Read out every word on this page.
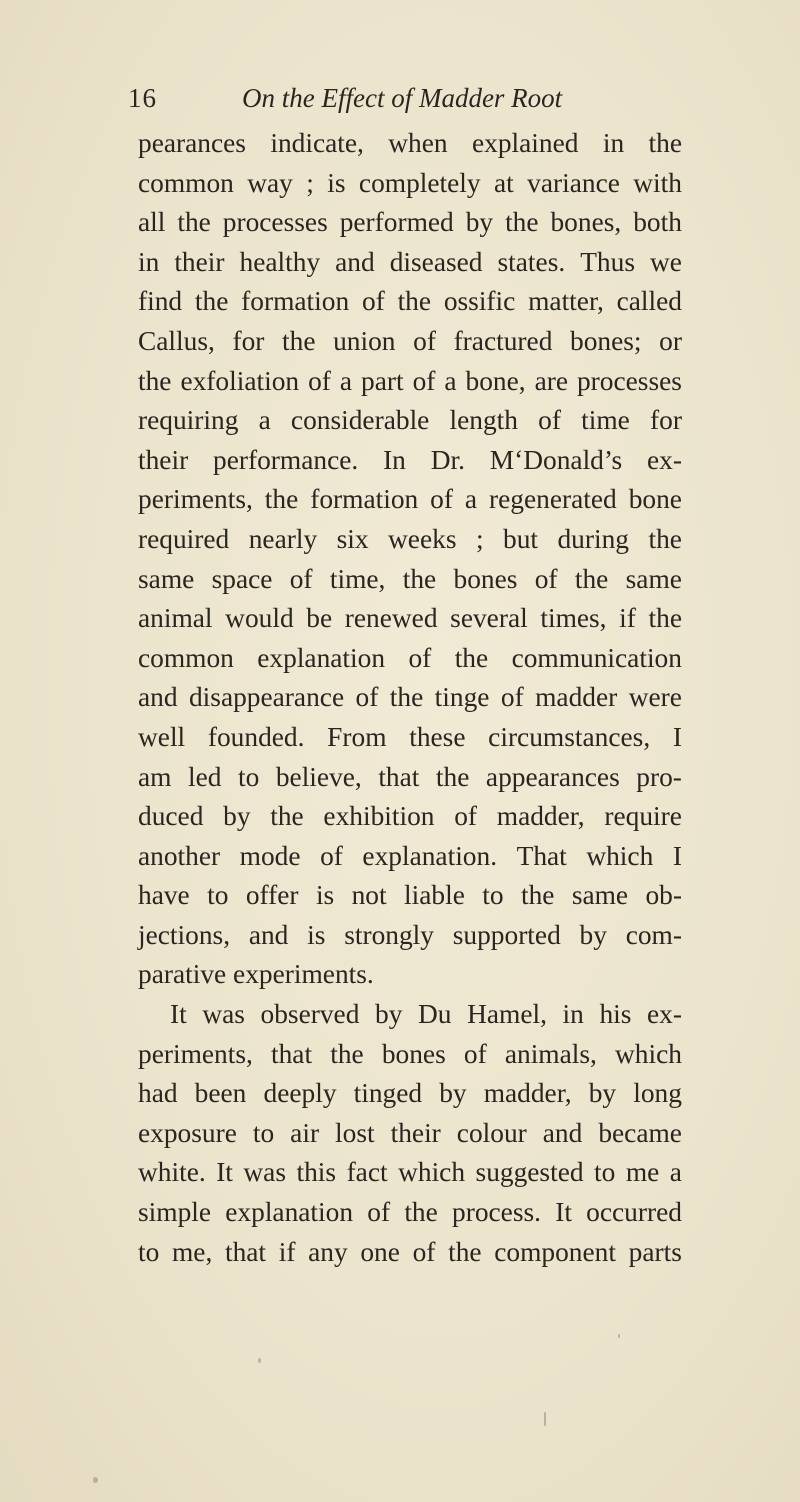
16	On the Effect of Madder Root
pearances indicate, when explained in the
common way ; is completely at variance with
all the processes performed by the bones, both
in their healthy and diseased states. Thus we
find the formation of the ossific matter, called
Callus, for the union of fractured bones; or
the exfoliation of a part of a bone, are processes
requiring a considerable length of time for
their performance. In Dr. M‘Donald’s ex-
periments, the formation of a regenerated bone
required nearly six weeks ; but during the
same space of time, the bones of the same
animal would be renewed several times, if the
common explanation of the communication
and disappearance of the tinge of madder were
well founded. From these circumstances, I
am led to believe, that the appearances pro-
duced by the exhibition of madder, require
another mode of explanation. That which I
have to offer is not liable to the same ob-
jections, and is strongly supported by com-
parative experiments.
It was observed by Du Hamel, in his ex-
periments, that the bones of animals, which
had been deeply tinged by madder, by long
exposure to air lost their colour and became
white. It was this fact which suggested to me a
simple explanation of the process. It occurred
to me, that if any one of the component parts
